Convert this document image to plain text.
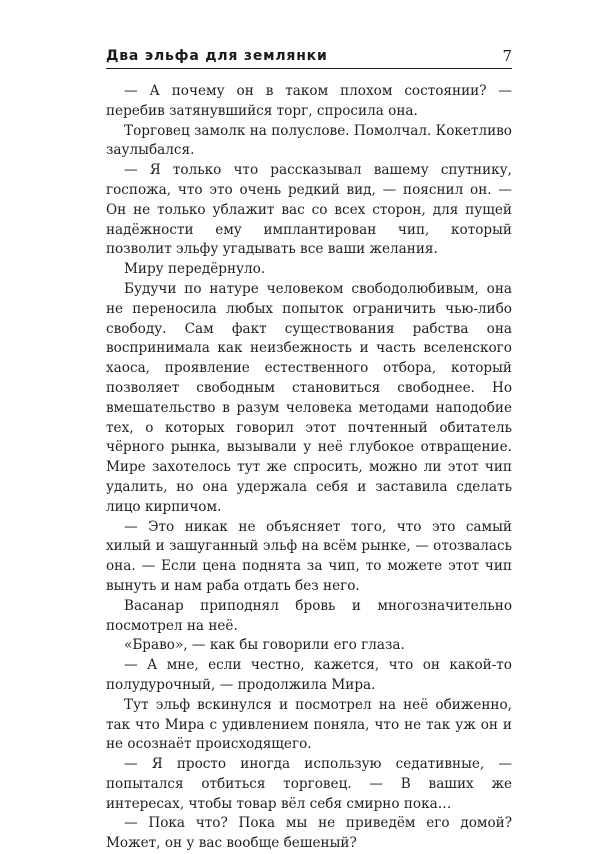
Два эльфа для землянки	7

— А почему он в таком плохом состоянии? — перебив затянувшийся торг, спросила она.

Торговец замолк на полуслове. Помолчал. Кокетливо заулыбался.

— Я только что рассказывал вашему спутнику, госпожа, что это очень редкий вид, — пояснил он. — Он не только ублажит вас со всех сторон, для пущей надёжности ему имплантирован чип, который позволит эльфу угадывать все ваши желания.

Миру передёрнуло.

Будучи по натуре человеком свободолюбивым, она не переносила любых попыток ограничить чью-либо свободу. Сам факт существования рабства она воспринимала как неизбежность и часть вселенского хаоса, проявление естественного отбора, который позволяет свободным становиться свободнее. Но вмешательство в разум человека методами наподобие тех, о которых говорил этот почтенный обитатель чёрного рынка, вызывали у неё глубокое отвращение. Мире захотелось тут же спросить, можно ли этот чип удалить, но она удержала себя и заставила сделать лицо кирпичом.

— Это никак не объясняет того, что это самый хилый и зашуганный эльф на всём рынке, — отозвалась она. — Если цена поднята за чип, то можете этот чип вынуть и нам раба отдать без него.

Васанар приподнял бровь и многозначительно посмотрел на неё.

«Браво», — как бы говорили его глаза.

— А мне, если честно, кажется, что он какой-то полудурочный, — продолжила Мира.

Тут эльф вскинулся и посмотрел на неё обиженно, так что Мира с удивлением поняла, что не так уж он и не осознаёт происходящего.

— Я просто иногда использую седативные, — попытался отбиться торговец. — В ваших же интересах, чтобы товар вёл себя смирно пока…

— Пока что? Пока мы не приведём его домой? Может, он у вас вообще бешеный?
